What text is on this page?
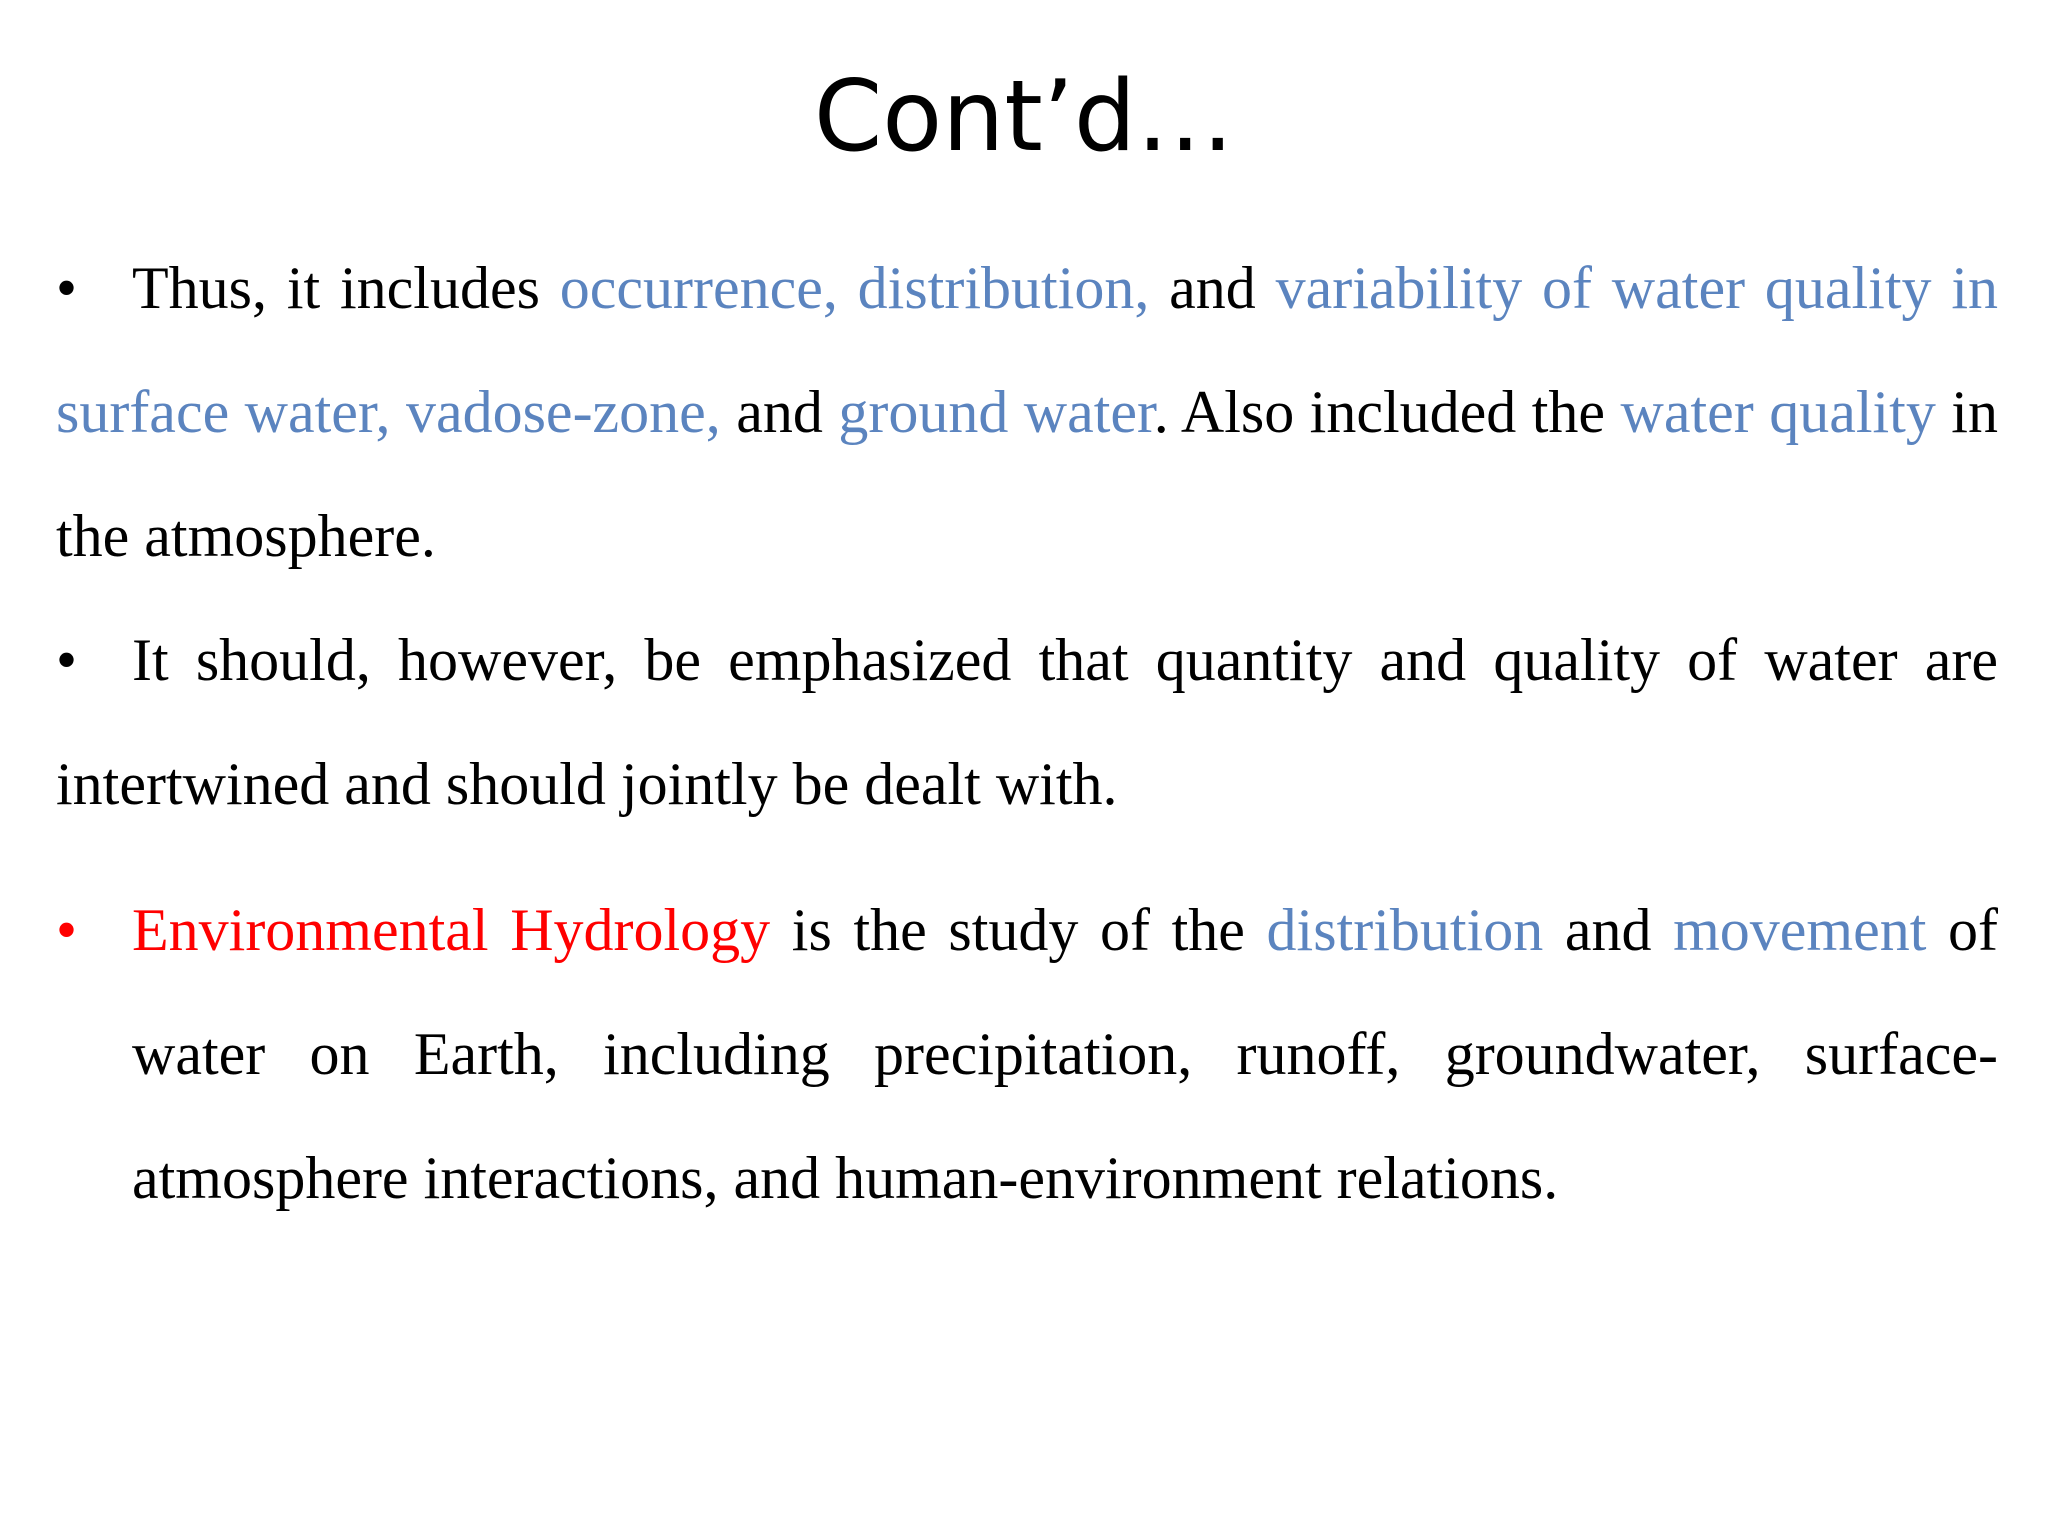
Cont’d…

• Thus, it includes occurrence, distribution, and variability of water quality in surface water, vadose-zone, and ground water. Also included the water quality in the atmosphere.

• It should, however, be emphasized that quantity and quality of water are intertwined and should jointly be dealt with.

• Environmental Hydrology is the study of the distribution and movement of water on Earth, including precipitation, runoff, groundwater, surface-atmosphere interactions, and human-environment relations.
